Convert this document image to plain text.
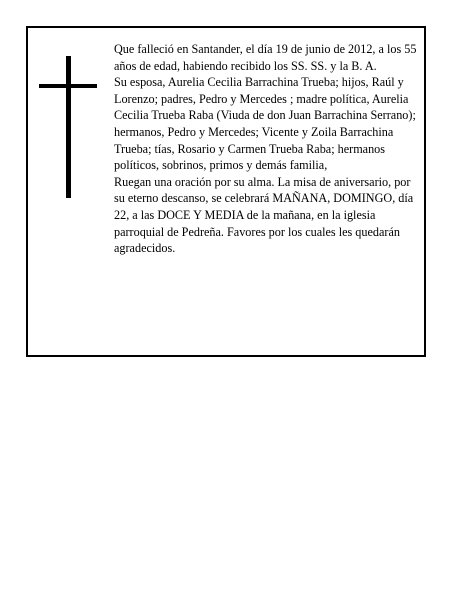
Que falleció en Santander, el día 19 de junio de 2012, a los 55 años de edad, habiendo recibido los SS. SS. y la B. A.

Su esposa, Aurelia Cecilia Barrachina Trueba; hijos, Raúl y Lorenzo; padres, Pedro y Mercedes ; madre política, Aurelia Cecilia Trueba Raba (Viuda de don Juan Barrachina Serrano); hermanos, Pedro y Mercedes; Vicente y Zoila Barrachina Trueba; tías, Rosario y Carmen Trueba Raba; hermanos políticos, sobrinos, primos y demás familia,

Ruegan una oración por su alma. La misa de aniversario, por su eterno descanso, se celebrará MAÑANA, DOMINGO, día 22, a las DOCE Y MEDIA de la mañana, en la iglesia parroquial de Pedreña. Favores por los cuales les quedarán agradecidos.
